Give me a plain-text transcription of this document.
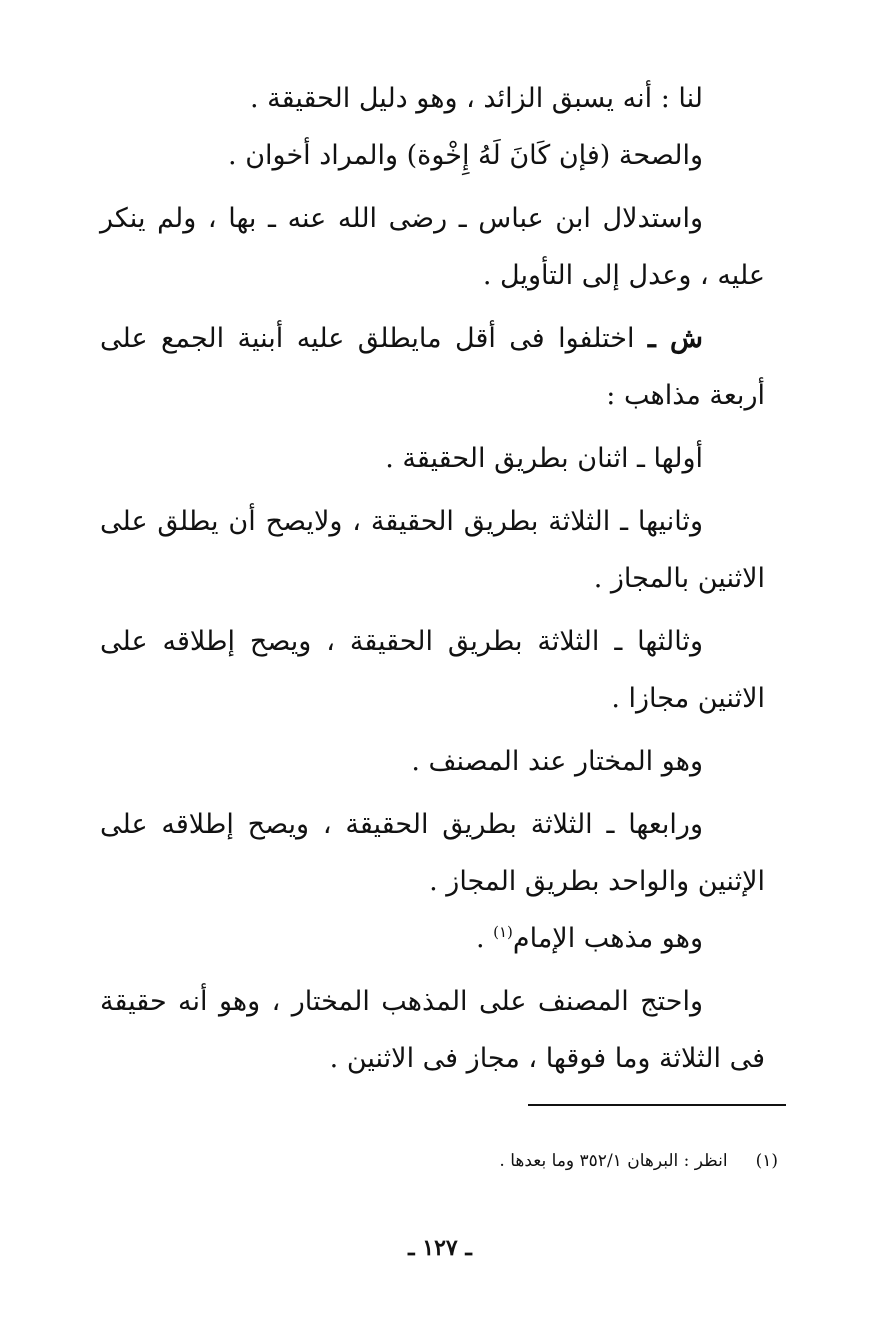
لنا : أنه يسبق الزائد ، وهو دليل الحقيقة .

والصحة (فإن كَانَ لَهُ إِخْوة) والمراد أخوان .

واستدلال ابن عباس ـ رضى الله عنه ـ بها ، ولم ينكر عليه ، وعدل إلى التأويل .

ش ـ اختلفوا فى أقل مايطلق عليه أبنية الجمع على أربعة مذاهب :

أولها ـ اثنان بطريق الحقيقة .

وثانيها ـ الثلاثة بطريق الحقيقة ، ولايصح أن يطلق على الاثنين بالمجاز .

وثالثها ـ الثلاثة بطريق الحقيقة ، ويصح إطلاقه على الاثنين مجازا .

وهو المختار عند المصنف .

ورابعها ـ الثلاثة بطريق الحقيقة ، ويصح إطلاقه على الإثنين والواحد بطريق المجاز .

وهو مذهب الإمام$^{(١)}$ .

واحتج المصنف على المذهب المختار ، وهو أنه حقيقة فى الثلاثة وما فوقها ، مجاز فى الاثنين .

(١)انظر : البرهان ٣٥٢/١ وما بعدها .
ـ ١٢٧ ـ
